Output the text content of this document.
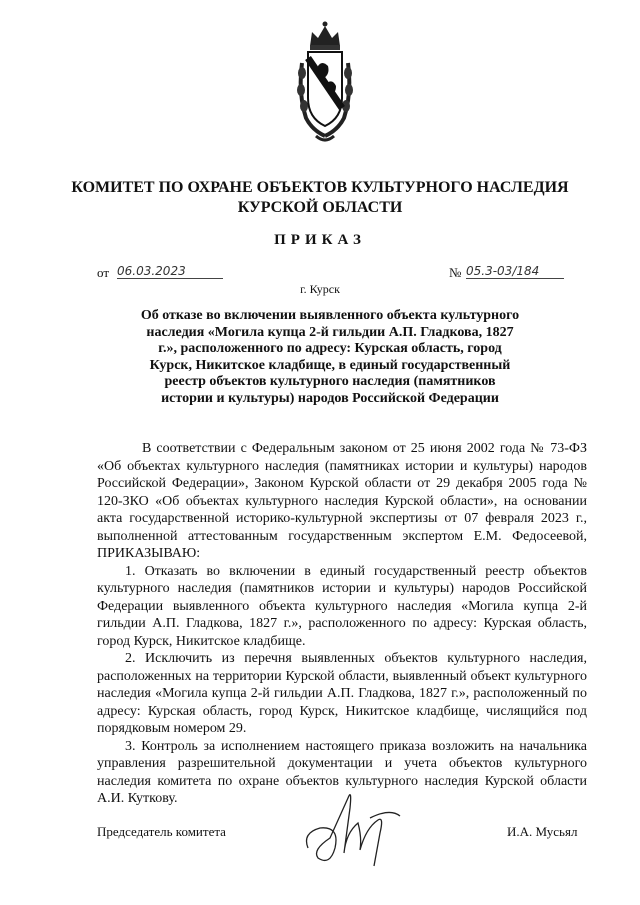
КОМИТЕТ ПО ОХРАНЕ ОБЪЕКТОВ КУЛЬТУРНОГО НАСЛЕДИЯ
КУРСКОЙ ОБЛАСТИ
ПРИКАЗ
от 06.03.2023	№ 05.3-03/184
г. Курск
Об отказе во включении выявленного объекта культурного наследия «Могила купца 2-й гильдии А.П. Гладкова, 1827 г.», расположенного по адресу: Курская область, город Курск, Никитское кладбище, в единый государственный реестр объектов культурного наследия (памятников истории и культуры) народов Российской Федерации

В соответствии с Федеральным законом от 25 июня 2002 года № 73-ФЗ «Об объектах культурного наследия (памятниках истории и культуры) народов Российской Федерации», Законом Курской области от 29 декабря 2005 года № 120-ЗКО «Об объектах культурного наследия Курской области», на основании акта государственной историко-культурной экспертизы от 07 февраля 2023 г., выполненной аттестованным государственным экспертом Е.М. Федосеевой, ПРИКАЗЫВАЮ:

1. Отказать во включении в единый государственный реестр объектов культурного наследия (памятников истории и культуры) народов Российской Федерации выявленного объекта культурного наследия «Могила купца 2-й гильдии А.П. Гладкова, 1827 г.», расположенного по адресу: Курская область, город Курск, Никитское кладбище.

2. Исключить из перечня выявленных объектов культурного наследия, расположенных на территории Курской области, выявленный объект культурного наследия «Могила купца 2-й гильдии А.П. Гладкова, 1827 г.», расположенный по адресу: Курская область, город Курск, Никитское кладбище, числящийся под порядковым номером 29.

3. Контроль за исполнением настоящего приказа возложить на начальника управления разрешительной документации и учета объектов культурного наследия комитета по охране объектов культурного наследия Курской области А.И. Куткову.

Председатель комитета	И.А. Мусьял
